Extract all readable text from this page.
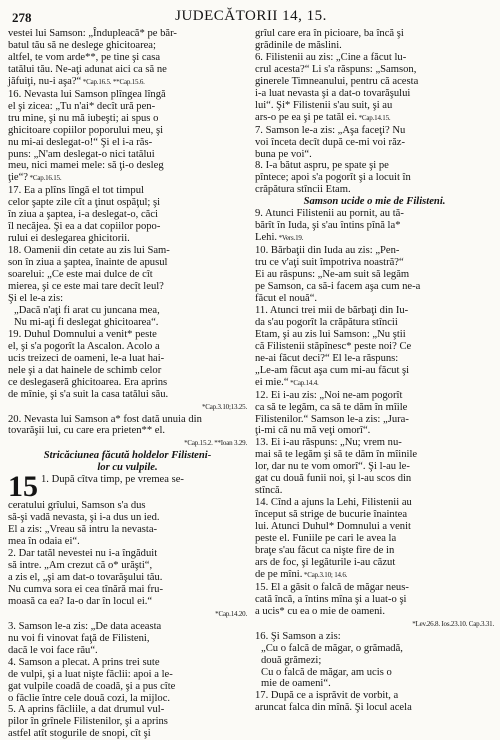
278	JUDECĂTORII 14, 15.

vestei lui Samson: „Îndupleacă* pe băr-

batul tău să ne deslege ghicitoarea;

altfel, te vom arde**, pe tine şi casa

tatălui tău. Ne-aţi adunat aici ca să ne

jăfuiţi, nu-i aşa?“ *Cap.16.5. **Cap.15.6.

16. Nevasta lui Samson plîngea lîngă

el şi zicea: „Tu n'ai* decît ură pen-

tru mine, şi nu mă iubeşti; ai spus o

ghicitoare copiilor poporului meu, şi

nu mi-ai deslegat-o!“ Şi el i-a răs-

puns: „N'am deslegat-o nici tatălui

meu, nici mamei mele: să ţi-o desleg

ţie“? *Cap.16.15.

17. Ea a plîns lîngă el tot timpul

celor şapte zile cît a ţinut ospăţul; şi

în ziua a şaptea, i-a deslegat-o, căci

îl necăjea. Şi ea a dat copiilor popo-

rului ei deslegarea ghicitorii.

18. Oamenii din cetate au zis lui Sam-

son în ziua a şaptea, înainte de apusul

soarelui: „Ce este mai dulce de cît

mierea, şi ce este mai tare decît leul?

Şi el le-a zis:

„Dacă n'aţi fi arat cu juncana mea,

Nu mi-aţi fi deslegat ghicitoarea“.

19. Duhul Domnului a venit* peste

el, şi s'a pogorît la Ascalon. Acolo a

ucis treizeci de oameni, le-a luat hai-

nele şi a dat hainele de schimb celor

ce deslegaseră ghicitoarea. Era aprins

de mînie, şi s'a suit la casa tatălui său.

*Cap.3.10;13.25.

20. Nevasta lui Samson a* fost dată unuia din

tovarăşii lui, cu care era prieten** el.

*Cap.15.2. **Ioan 3.29.

Stricăciunea făcută holdelor Filisteni-

lor cu vulpile.

15 1. După cîtva timp, pe vremea se-

ceratului grîului, Samson s'a dus

să-şi vadă nevasta, şi i-a dus un ied.

El a zis: „Vreau să intru la nevasta-

mea în odaia ei“.

2. Dar tatăl nevestei nu i-a îngăduit

să intre. „Am crezut că o* urăşti“,

a zis el, „şi am dat-o tovarăşului tău.

Nu cumva sora ei cea tînără mai fru-

moasă ca ea? Ia-o dar în locul ei.“

*Cap.14.20.

3. Samson le-a zis: „De data aceasta

nu voi fi vinovat faţă de Filisteni,

dacă le voi face rău“.

4. Samson a plecat. A prins trei sute

de vulpi, şi a luat nişte făclii: apoi a le-

gat vulpile coadă de coadă, şi a pus cîte

o făclie între cele două cozi, la mijloc.

5. A aprins făcliile, a dat drumul vul-

pilor în grînele Filistenilor, şi a aprins

astfel atît stogurile de snopi, cît şi

grîul care era în picioare, ba încă şi

grădinile de măslini.

6. Filistenii au zis: „Cine a făcut lu-

crul acesta?“ Li s'a răspuns: „Samson,

ginerele Timneanului, pentru că acesta

i-a luat nevasta şi a dat-o tovarăşului

lui“. Şi* Filistenii s'au suit, şi au

ars-o pe ea şi pe tatăl ei. *Cap.14.15.

7. Samson le-a zis: „Aşa faceţi? Nu

voi înceta decît după ce-mi voi răz-

buna pe voi“.

8. I-a bătut aspru, pe spate şi pe

pîntece; apoi s'a pogorît şi a locuit în

crăpătura stîncii Etam.

Samson ucide o mie de Filisteni.

9. Atunci Filistenii au pornit, au tă-

bărît în Iuda, şi s'au întins pînă la*

Lehi. *Vers.19.

10. Bărbaţii din Iuda au zis: „Pen-

tru ce v'aţi suit împotriva noastră?“

Ei au răspuns: „Ne-am suit să legăm

pe Samson, ca să-i facem aşa cum ne-a

făcut el nouă“.

11. Atunci trei mii de bărbaţi din Iu-

da s'au pogorît la crăpătura stîncii

Etam, şi au zis lui Samson: „Nu ştii

că Filistenii stăpînesc* peste noi? Ce

ne-ai făcut deci?“ El le-a răspuns:

„Le-am făcut aşa cum mi-au făcut şi

ei mie.“ *Cap.14.4.

12. Ei i-au zis: „Noi ne-am pogorît

ca să te legăm, ca să te dăm în mîile

Filistenilor.“ Samson le-a zis: „Jura-

ţi-mi că nu mă veţi omorî“.

13. Ei i-au răspuns: „Nu; vrem nu-

mai să te legăm şi să te dăm în mîinile

lor, dar nu te vom omorî“. Şi l-au le-

gat cu două funii noi, şi l-au scos din

stîncă.

14. Cînd a ajuns la Lehi, Filistenii au

început să strige de bucurie înaintea

lui. Atunci Duhul* Domnului a venit

peste el. Funiile pe cari le avea la

braţe s'au făcut ca nişte fire de in

ars de foc, şi legăturile i-au căzut

de pe mîni. *Cap.3.10; 14.6.

15. El a găsit o falcă de măgar neus-

cată încă, a întins mîna şi a luat-o şi

a ucis* cu ea o mie de oameni.

*Lev.26.8. Ios.23.10. Cap.3.31.

16. Şi Samson a zis:

„Cu o falcă de măgar, o grămadă,

două grămezi;

Cu o falcă de măgar, am ucis o

mie de oameni“.

17. După ce a isprăvit de vorbit, a

aruncat falca din mînă. Şi locul acela
